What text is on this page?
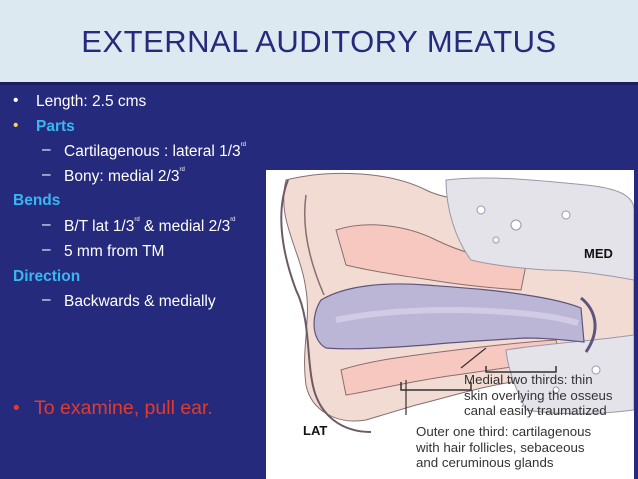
EXTERNAL AUDITORY MEATUS
• Length: 2.5 cms
• Parts
– Cartilagenous : lateral 1/3rd
– Bony: medial 2/3rd
Bends
– B/T lat 1/3rd & medial 2/3rd
– 5 mm from TM
Direction
– Backwards & medially
• To examine, pull ear.
MED
LAT
Medial two thirds: thin
skin overlying the osseus
canal easily traumatized
Outer one third: cartilagenous
with hair follicles, sebaceous
and ceruminous glands
